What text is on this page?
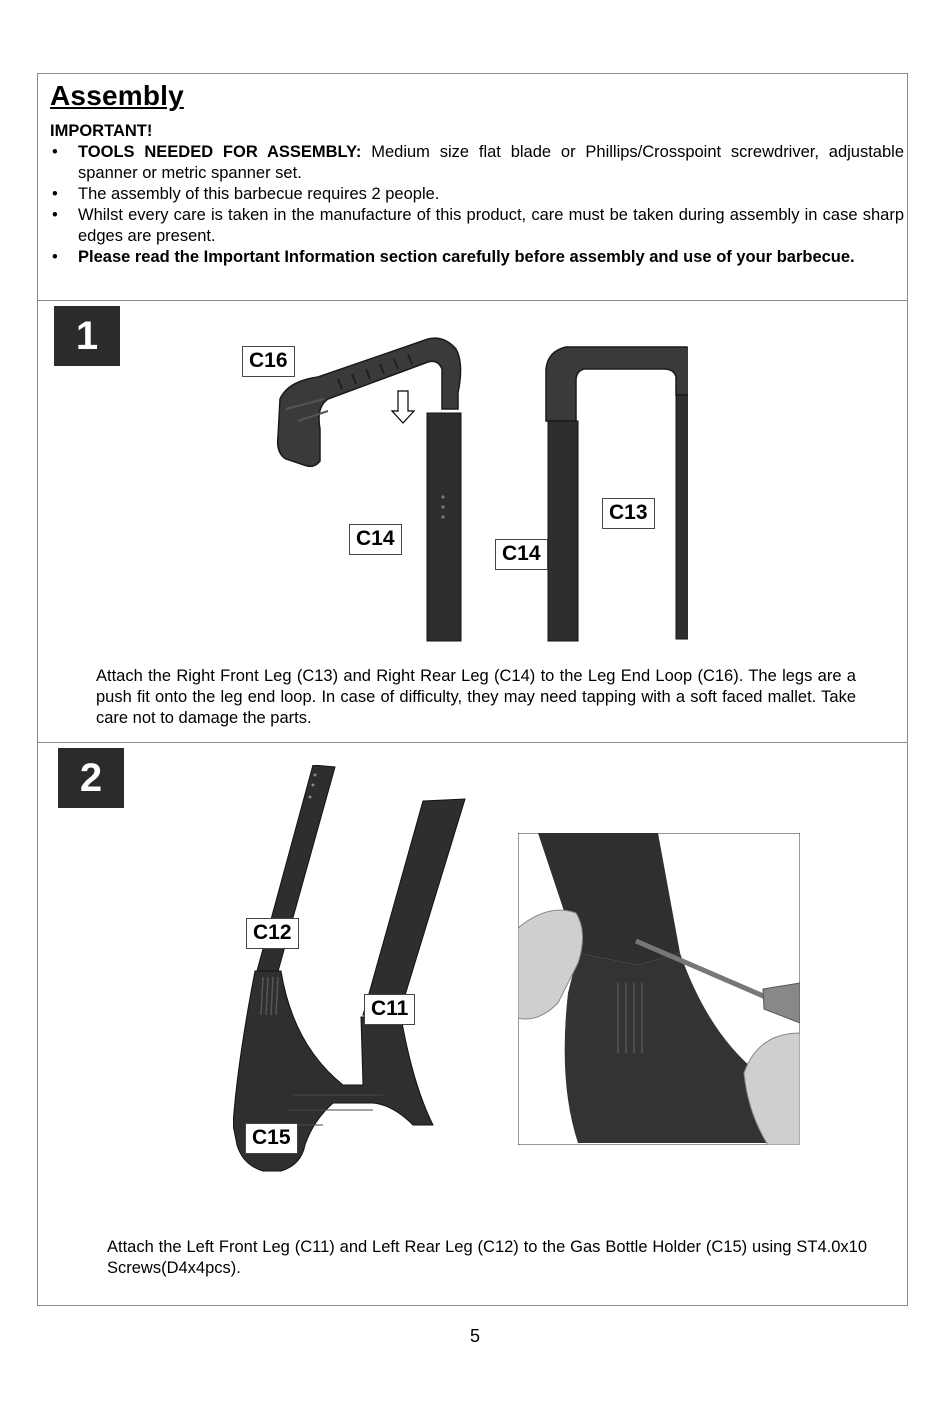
Assembly
IMPORTANT!
• TOOLS NEEDED FOR ASSEMBLY: Medium size flat blade or Phillips/Crosspoint screwdriver, adjustable spanner or metric spanner set.
• The assembly of this barbecue requires 2 people.
• Whilst every care is taken in the manufacture of this product, care must be taken during assembly in case sharp edges are present.
• Please read the Important Information section carefully before assembly and use of your barbecue.
1
C16
C14
C13
C14
Attach the Right Front Leg (C13) and Right Rear Leg (C14) to the Leg End Loop (C16). The legs are a push fit onto the leg end loop. In case of difficulty, they may need tapping with a soft faced mallet. Take care not to damage the parts.
2
C12
C11
C15
Attach the Left Front Leg (C11) and Left Rear Leg (C12) to the Gas Bottle Holder (C15) using ST4.0x10 Screws(D4x4pcs).
5
